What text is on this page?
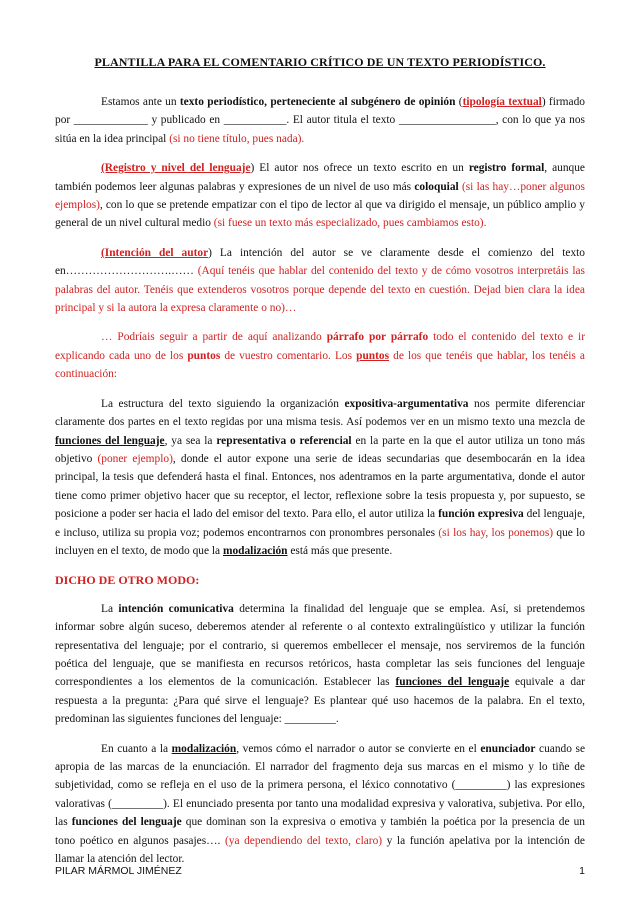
PLANTILLA PARA EL COMENTARIO CRÍTICO DE UN TEXTO PERIODÍSTICO.

Estamos ante un texto periodístico, perteneciente al subgénero de opinión (tipología textual) firmado por _____________ y publicado en ___________. El autor titula el texto _________________, con lo que ya nos sitúa en la idea principal (si no tiene título, pues nada).

(Registro y nivel del lenguaje) El autor nos ofrece un texto escrito en un registro formal, aunque también podemos leer algunas palabras y expresiones de un nivel de uso más coloquial (si las hay…poner algunos ejemplos), con lo que se pretende empatizar con el tipo de lector al que va dirigido el mensaje, un público amplio y general de un nivel cultural medio (si fuese un texto más especializado, pues cambiamos esto).

(Intención del autor) La intención del autor se ve claramente desde el comienzo del texto en……………………….…… (Aquí tenéis que hablar del contenido del texto y de cómo vosotros interpretáis las palabras del autor. Tenéis que extenderos vosotros porque depende del texto en cuestión. Dejad bien clara la idea principal y si la autora la expresa claramente o no)…

… Podríais seguir a partir de aquí analizando párrafo por párrafo todo el contenido del texto e ir explicando cada uno de los puntos de vuestro comentario. Los puntos de los que tenéis que hablar, los tenéis a continuación:

La estructura del texto siguiendo la organización expositiva-argumentativa nos permite diferenciar claramente dos partes en el texto regidas por una misma tesis. Así podemos ver en un mismo texto una mezcla de funciones del lenguaje, ya sea la representativa o referencial en la parte en la que el autor utiliza un tono más objetivo (poner ejemplo), donde el autor expone una serie de ideas secundarias que desembocarán en la idea principal, la tesis que defenderá hasta el final. Entonces, nos adentramos en la parte argumentativa, donde el autor tiene como primer objetivo hacer que su receptor, el lector, reflexione sobre la tesis propuesta y, por supuesto, se posicione a poder ser hacia el lado del emisor del texto. Para ello, el autor utiliza la función expresiva del lenguaje, e incluso, utiliza su propia voz; podemos encontrarnos con pronombres personales (si los hay, los ponemos) que lo incluyen en el texto, de modo que la modalización está más que presente.

DICHO DE OTRO MODO:

La intención comunicativa determina la finalidad del lenguaje que se emplea. Así, si pretendemos informar sobre algún suceso, deberemos atender al referente o al contexto extralingüístico y utilizar la función representativa del lenguaje; por el contrario, si queremos embellecer el mensaje, nos serviremos de la función poética del lenguaje, que se manifiesta en recursos retóricos, hasta completar las seis funciones del lenguaje correspondientes a los elementos de la comunicación. Establecer las funciones del lenguaje equivale a dar respuesta a la pregunta: ¿Para qué sirve el lenguaje? Es plantear qué uso hacemos de la palabra. En el texto, predominan las siguientes funciones del lenguaje: _________.

En cuanto a la modalización, vemos cómo el narrador o autor se convierte en el enunciador cuando se apropia de las marcas de la enunciación. El narrador del fragmento deja sus marcas en el mismo y lo tiñe de subjetividad, como se refleja en el uso de la primera persona, el léxico connotativo (_________) las expresiones valorativas (_________). El enunciado presenta por tanto una modalidad expresiva y valorativa, subjetiva. Por ello, las funciones del lenguaje que dominan son la expresiva o emotiva y también la poética por la presencia de un tono poético en algunos pasajes…. (ya dependiendo del texto, claro) y la función apelativa por la intención de llamar la atención del lector.

PILAR MÁRMOL JIMÉNEZ	1
